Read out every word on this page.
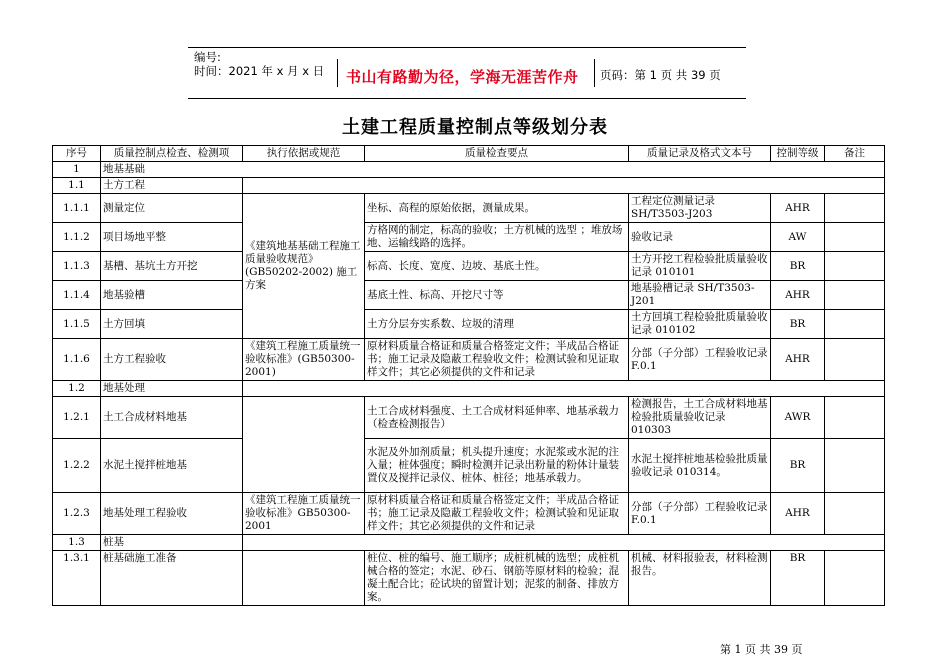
编号:
时间：2021 年 x 月 x 日 书山有路勤为径，学海无涯苦作舟 页码：第 1 页 共 39 页
土建工程质量控制点等级划分表
序号	质量控制点检查、检测项	执行依据或规范	质量检查要点	质量记录及格式文本号	控制等级	备注
1	地基基础					
1.1	土方工程					
1.1.1	测量定位	《建筑地基基础工程施工质量验收规范》(GB50202-2002) 施工方案	坐标、高程的原始依据，测量成果。	工程定位测量记录 SH/T3503-J203	AHR	
1.1.2	项目场地平整		方格网的制定，标高的验收；土方机械的选型 ；堆放场地、运输线路的选择。	验收记录	AW	
1.1.3	基槽、基坑土方开挖		标高、长度、宽度、边坡、基底土性。	土方开挖工程检验批质量验收记录 010101	BR	
1.1.4	地基验槽		基底土性、标高、开挖尺寸等	地基验槽记录 SH/T3503-J201	AHR	
1.1.5	土方回填		土方分层夯实系数、垃圾的清理	土方回填工程检验批质量验收记录 010102	BR	
1.1.6	土方工程验收	《建筑工程施工质量统一验收标准》(GB50300-2001)	原材料质量合格证和质量合格签定文件；半成品合格证书；施工记录及隐蔽工程验收文件；检测试验和见证取样文件；其它必须提供的文件和记录	分部（子分部）工程验收记录 F.0.1	AHR	
1.2	地基处理					
1.2.1	土工合成材料地基		土工合成材料强度、土工合成材料延伸率、地基承载力（检查检测报告）	检测报告，土工合成材料地基检验批质量验收记录 010303	AWR	
1.2.2	水泥土搅拌桩地基		水泥及外加剂质量；机头提升速度；水泥浆或水泥的注入量；桩体强度；瞬时检测并记录出粉量的粉体计量装置仪及搅拌记录仪、桩体、桩径；地基承载力。	水泥土搅拌桩地基检验批质量验收记录 010314。	BR	
1.2.3	地基处理工程验收	《建筑工程施工质量统一验收标准》GB50300-2001	原材料质量合格证和质量合格签定文件；半成品合格证书；施工记录及隐蔽工程验收文件；检测试验和见证取样文件；其它必须提供的文件和记录	分部（子分部）工程验收记录 F.0.1	AHR	
1.3	桩基					
1.3.1	桩基础施工准备		桩位、桩的编号、施工顺序；成桩机械的选型；成桩机械合格的签定；水泥、砂石、钢筋等原材料的检验；混凝土配合比；砼试块的留置计划；泥浆的制备、排放方案。	机械、材料报验表，材料检测报告。	BR	
第 1 页 共 39 页
